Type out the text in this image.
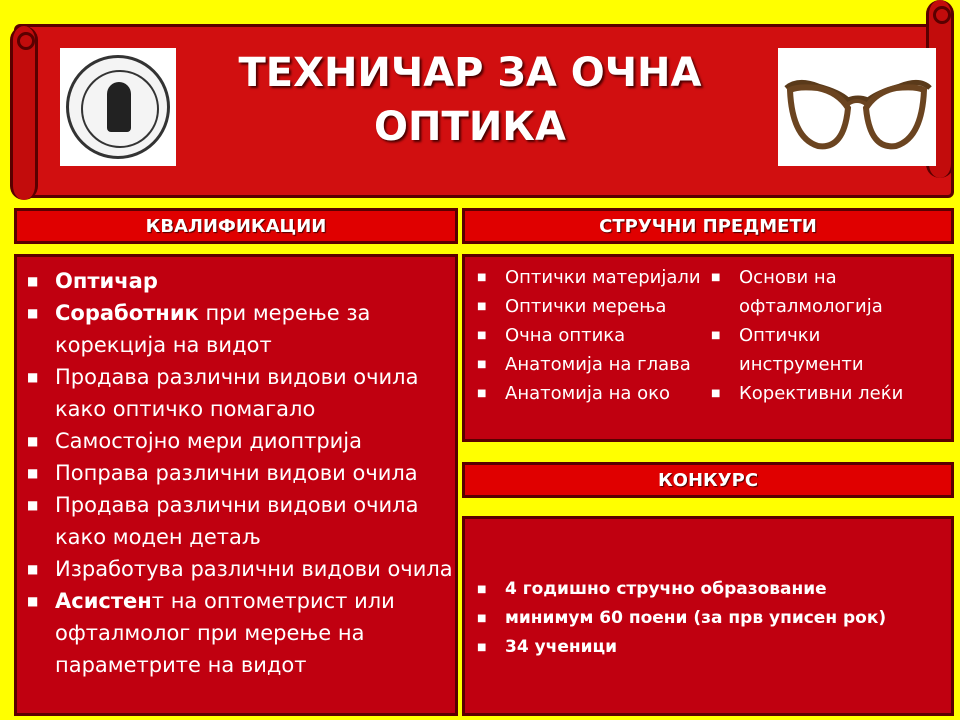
ТЕХНИЧАР ЗА ОЧНА
ОПТИКА
КВАЛИФИКАЦИИ	СТРУЧНИ ПРЕДМЕТИ
КОНКУРС
■ Оптичар
■ Соработник при мерење за корекција на видот
■ Продава различни видови очила како оптичко помагало
■ Самостојно мери диоптрија
■ Поправа различни видови очила
■ Продава различни видови очила како моден детаљ
■ Изработува различни видови очила
■ Асистент на оптометрист или офталмолог при мерење на параметрите на видот
■ Оптички материјали
■ Оптички мерења
■ Очна оптика
■ Анатомија на глава
■ Анатомија на око
■ Основи на офталмологија
■ Оптички инструменти
■ Корективни леќи
■ 4 годишно стручно образование
■ минимум 60 поени (за прв уписен рок)
■ 34 ученици
